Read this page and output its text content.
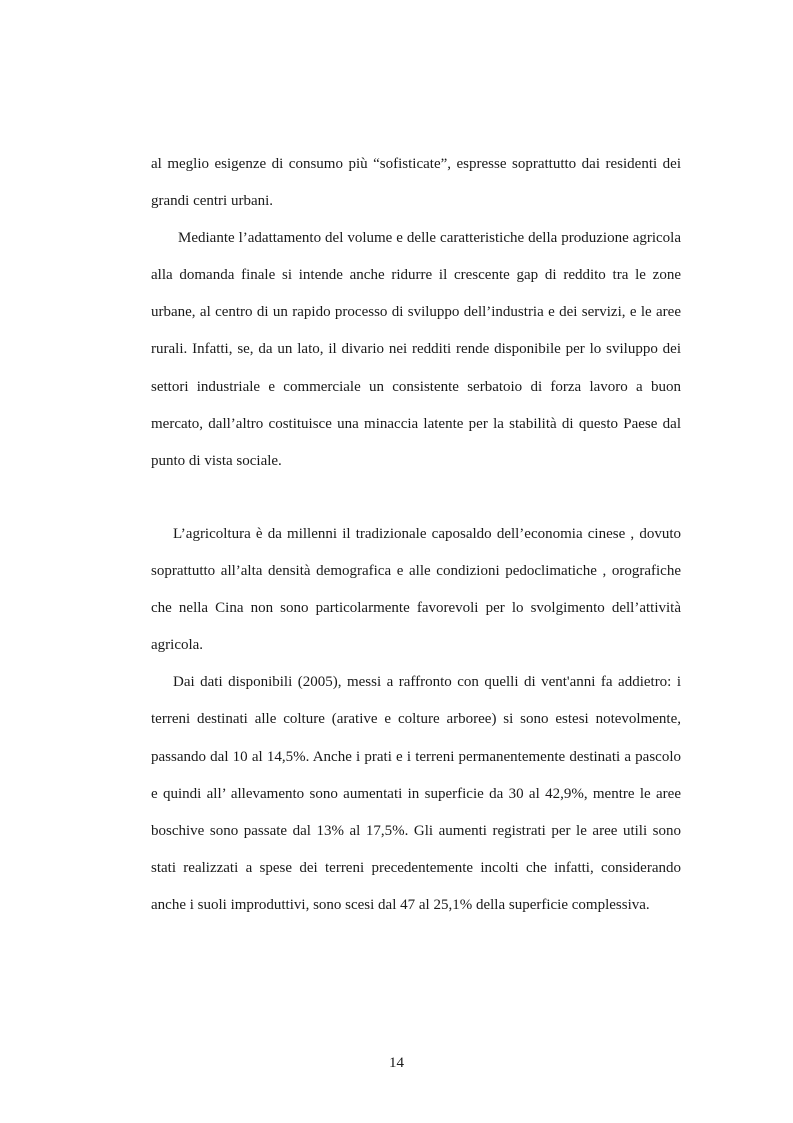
al meglio esigenze di consumo più “sofisticate”, espresse soprattutto dai residenti dei grandi centri urbani.

Mediante l’adattamento del volume e delle caratteristiche della produzione agricola alla domanda finale si intende anche ridurre il crescente gap di reddito tra le zone urbane, al centro di un rapido processo di sviluppo dell’industria e dei servizi, e le aree rurali. Infatti, se, da un lato, il divario nei redditi rende disponibile per lo sviluppo dei settori industriale e commerciale un consistente serbatoio di forza lavoro a buon mercato, dall’altro costituisce una minaccia latente per la stabilità di questo Paese dal punto di vista sociale.

L’agricoltura è da millenni il tradizionale caposaldo dell’economia cinese , dovuto soprattutto all’alta densità demografica e alle condizioni pedoclimatiche , orografiche che nella Cina non sono particolarmente favorevoli per lo svolgimento dell’attività agricola.

Dai dati disponibili (2005), messi a raffronto con quelli di vent'anni fa addietro: i terreni destinati alle colture (arative e colture arboree) si sono estesi notevolmente, passando dal 10 al 14,5%. Anche i prati e i terreni permanentemente destinati a pascolo e quindi all’ allevamento sono aumentati in superficie da 30 al 42,9%, mentre le aree boschive sono passate dal 13% al 17,5%. Gli aumenti registrati per le aree utili sono stati realizzati a spese dei terreni precedentemente incolti che infatti, considerando anche i suoli improduttivi, sono scesi dal 47 al 25,1% della superficie complessiva.

14
